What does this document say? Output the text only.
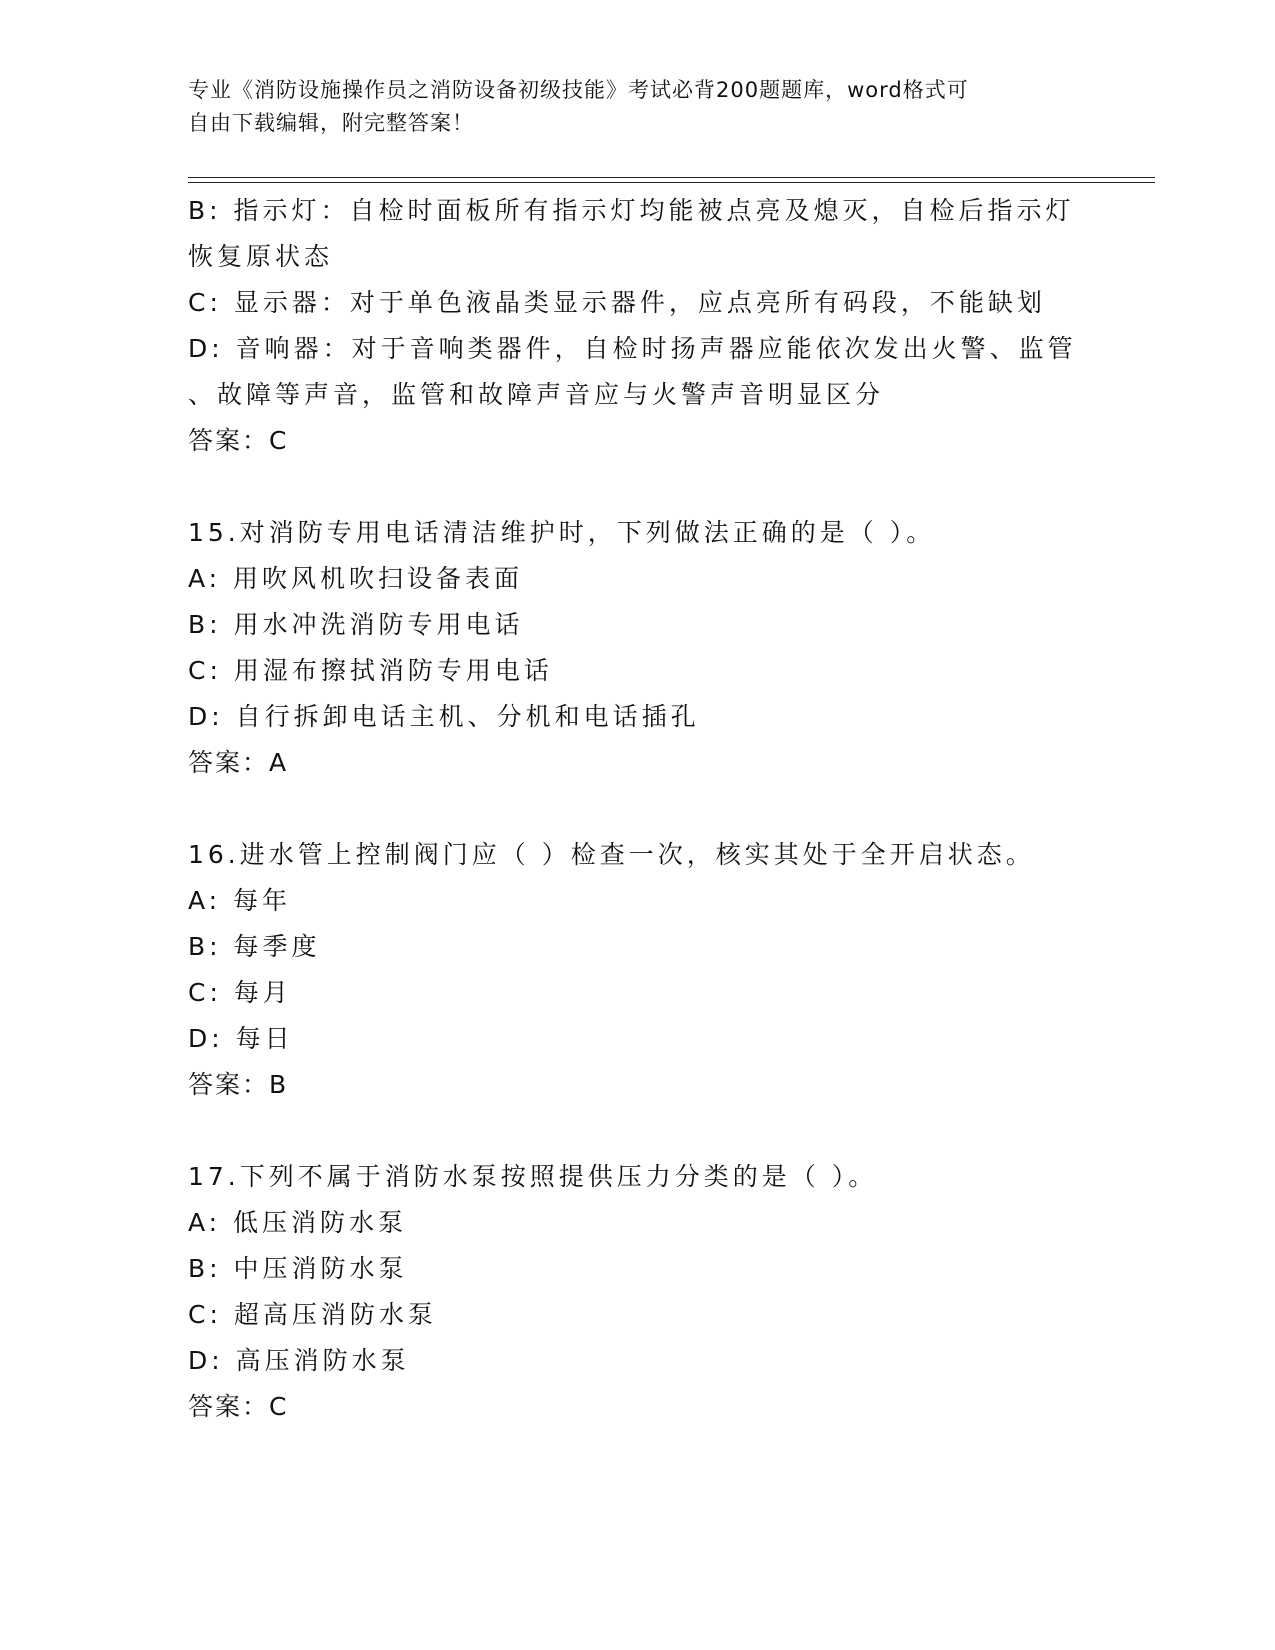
专业《消防设施操作员之消防设备初级技能》考试必背200题题库，word格式可
自由下载编辑，附完整答案！
B: 指示灯：自检时面板所有指示灯均能被点亮及熄灭，自检后指示灯
恢复原状态
C: 显示器：对于单色液晶类显示器件，应点亮所有码段，不能缺划
D: 音响器：对于音响类器件，自检时扬声器应能依次发出火警、监管
、故障等声音，监管和故障声音应与火警声音明显区分
答案：C
15.对消防专用电话清洁维护时，下列做法正确的是（ ）。
A: 用吹风机吹扫设备表面
B: 用水冲洗消防专用电话
C: 用湿布擦拭消防专用电话
D: 自行拆卸电话主机、分机和电话插孔
答案：A
16.进水管上控制阀门应（ ）检查一次，核实其处于全开启状态。
A: 每年
B: 每季度
C: 每月
D: 每日
答案：B
17.下列不属于消防水泵按照提供压力分类的是（ ）。
A: 低压消防水泵
B: 中压消防水泵
C: 超高压消防水泵
D: 高压消防水泵
答案：C
